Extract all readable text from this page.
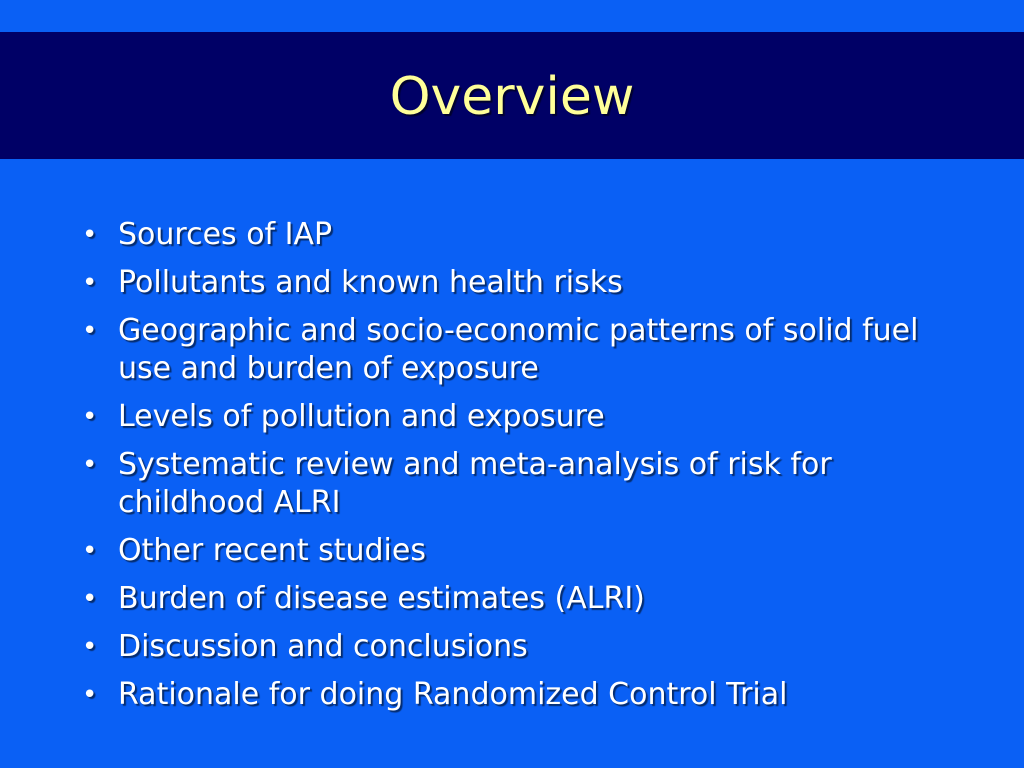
Overview
• Sources of IAP
• Pollutants and known health risks
• Geographic and socio-economic patterns of solid fuel use and burden of exposure
• Levels of pollution and exposure
• Systematic review and meta-analysis of risk for childhood ALRI
• Other recent studies
• Burden of disease estimates (ALRI)
• Discussion and conclusions
• Rationale for doing Randomized Control Trial
